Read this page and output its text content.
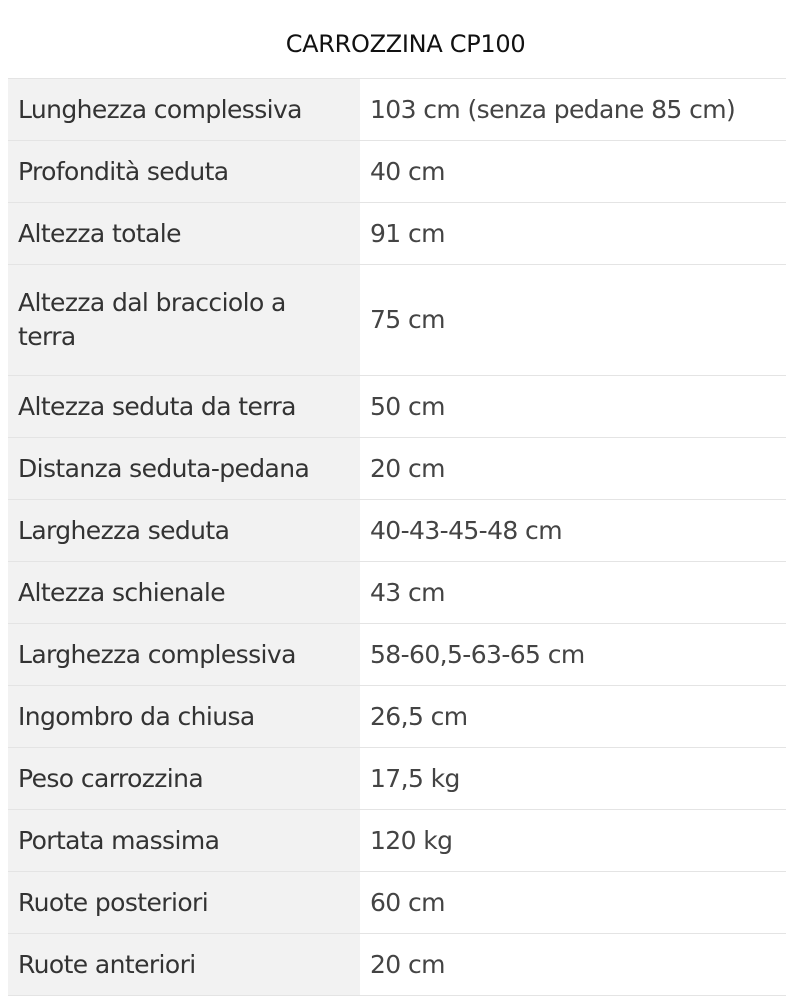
CARROZZINA CP100
Lunghezza complessiva	103 cm (senza pedane 85 cm)
Profondità seduta	40 cm
Altezza totale	91 cm
Altezza dal bracciolo a terra	75 cm
Altezza seduta da terra	50 cm
Distanza seduta-pedana	20 cm
Larghezza seduta	40-43-45-48 cm
Altezza schienale	43 cm
Larghezza complessiva	58-60,5-63-65 cm
Ingombro da chiusa	26,5 cm
Peso carrozzina	17,5 kg
Portata massima	120 kg
Ruote posteriori	60 cm
Ruote anteriori	20 cm
